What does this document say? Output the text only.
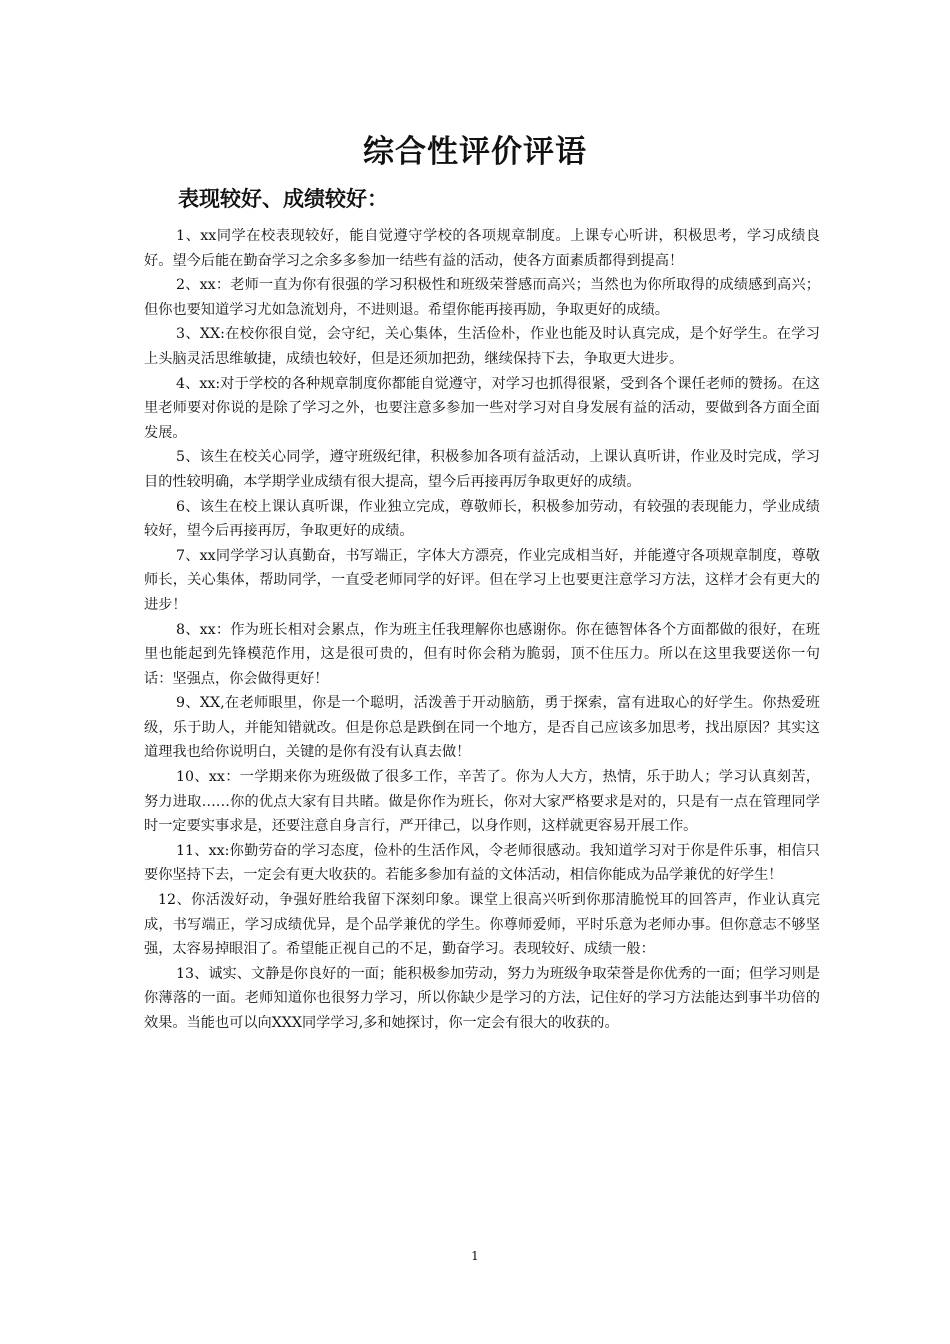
综合性评价评语
表现较好、成绩较好：

1、xx同学在校表现较好，能自觉遵守学校的各项规章制度。上课专心听讲，积极思考，学习成绩良好。望今后能在勤奋学习之余多多参加一结些有益的活动，使各方面素质都得到提高！

2、xx：老师一直为你有很强的学习积极性和班级荣誉感而高兴；当然也为你所取得的成绩感到高兴；但你也要知道学习尤如急流划舟，不进则退。希望你能再接再励，争取更好的成绩。

3、XX:在校你很自觉，会守纪，关心集体，生活俭朴，作业也能及时认真完成，是个好学生。在学习上头脑灵活思维敏捷，成绩也较好，但是还须加把劲，继续保持下去，争取更大进步。

4、xx:对于学校的各种规章制度你都能自觉遵守，对学习也抓得很紧，受到各个课任老师的赞扬。在这里老师要对你说的是除了学习之外，也要注意多参加一些对学习对自身发展有益的活动，要做到各方面全面发展。

5、该生在校关心同学，遵守班级纪律，积极参加各项有益活动，上课认真听讲，作业及时完成，学习目的性较明确，本学期学业成绩有很大提高，望今后再接再厉争取更好的成绩。

6、该生在校上课认真听课，作业独立完成，尊敬师长，积极参加劳动，有较强的表现能力，学业成绩较好，望今后再接再厉，争取更好的成绩。

7、xx同学学习认真勤奋，书写端正，字体大方漂亮，作业完成相当好，并能遵守各项规章制度，尊敬师长，关心集体，帮助同学，一直受老师同学的好评。但在学习上也要更注意学习方法，这样才会有更大的进步！

8、xx：作为班长相对会累点，作为班主任我理解你也感谢你。你在德智体各个方面都做的很好，在班里也能起到先锋模范作用，这是很可贵的，但有时你会稍为脆弱，顶不住压力。所以在这里我要送你一句话：坚强点，你会做得更好！

9、XX,在老师眼里，你是一个聪明，活泼善于开动脑筋，勇于探索，富有进取心的好学生。你热爱班级，乐于助人，并能知错就改。但是你总是跌倒在同一个地方，是否自己应该多加思考，找出原因？其实这道理我也给你说明白，关键的是你有没有认真去做！

10、xx：一学期来你为班级做了很多工作，辛苦了。你为人大方，热情，乐于助人；学习认真刻苦，努力进取……你的优点大家有目共睹。做是你作为班长，你对大家严格要求是对的，只是有一点在管理同学时一定要实事求是，还要注意自身言行，严开律己，以身作则，这样就更容易开展工作。

11、xx:你勤劳奋的学习态度，俭朴的生活作风，令老师很感动。我知道学习对于你是件乐事，相信只要你坚持下去，一定会有更大收获的。若能多参加有益的文体活动，相信你能成为品学兼优的好学生！

12、你活泼好动，争强好胜给我留下深刻印象。课堂上很高兴听到你那清脆悦耳的回答声，作业认真完成，书写端正，学习成绩优异，是个品学兼优的学生。你尊师爱师，平时乐意为老师办事。但你意志不够坚强，太容易掉眼泪了。希望能正视自己的不足，勤奋学习。表现较好、成绩一般：

13、诚实、文静是你良好的一面；能积极参加劳动，努力为班级争取荣誉是你优秀的一面；但学习则是你薄落的一面。老师知道你也很努力学习，所以你缺少是学习的方法，记住好的学习方法能达到事半功倍的效果。当能也可以向XXX同学学习,多和她探讨，你一定会有很大的收获的。

1
